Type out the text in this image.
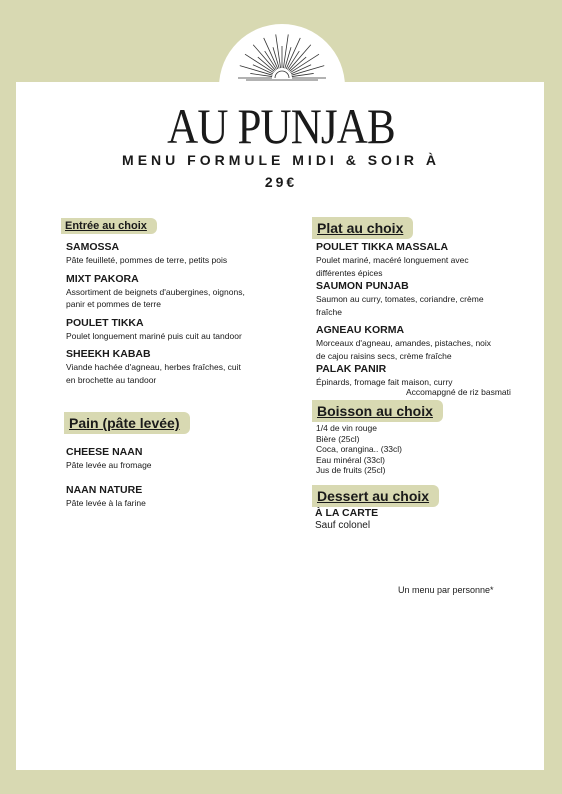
AU PUNJAB
MENU FORMULE MIDI & SOIR À
29€
Entrée au choix
SAMOSSA
Pâte feuilleté, pommes de terre, petits pois
MIXT PAKORA
Assortiment de beignets d'aubergines, oignons, panir et pommes de terre
POULET TIKKA
Poulet longuement mariné puis cuit au tandoor
SHEEKH KABAB
Viande hachée d'agneau, herbes fraîches, cuit en brochette au tandoor
Pain (pâte levée)
CHEESE NAAN
Pâte levée au fromage
NAAN NATURE
Pâte levée à la farine
Plat au choix
POULET TIKKA MASSALA
Poulet mariné, macéré longuement avec différentes épices
SAUMON PUNJAB
Saumon au curry, tomates, coriandre, crème fraîche
AGNEAU KORMA
Morceaux d'agneau, amandes, pistaches, noix de cajou raisins secs, crème fraîche
PALAK PANIR
Épinards, fromage fait maison, curry
Accomapgné de riz basmati
Boisson au choix
1/4 de vin rouge
Bière (25cl)
Coca, orangina.. (33cl)
Eau minéral (33cl)
Jus de fruits (25cl)
Dessert au choix
À LA CARTE
Sauf colonel
Un menu par personne*
